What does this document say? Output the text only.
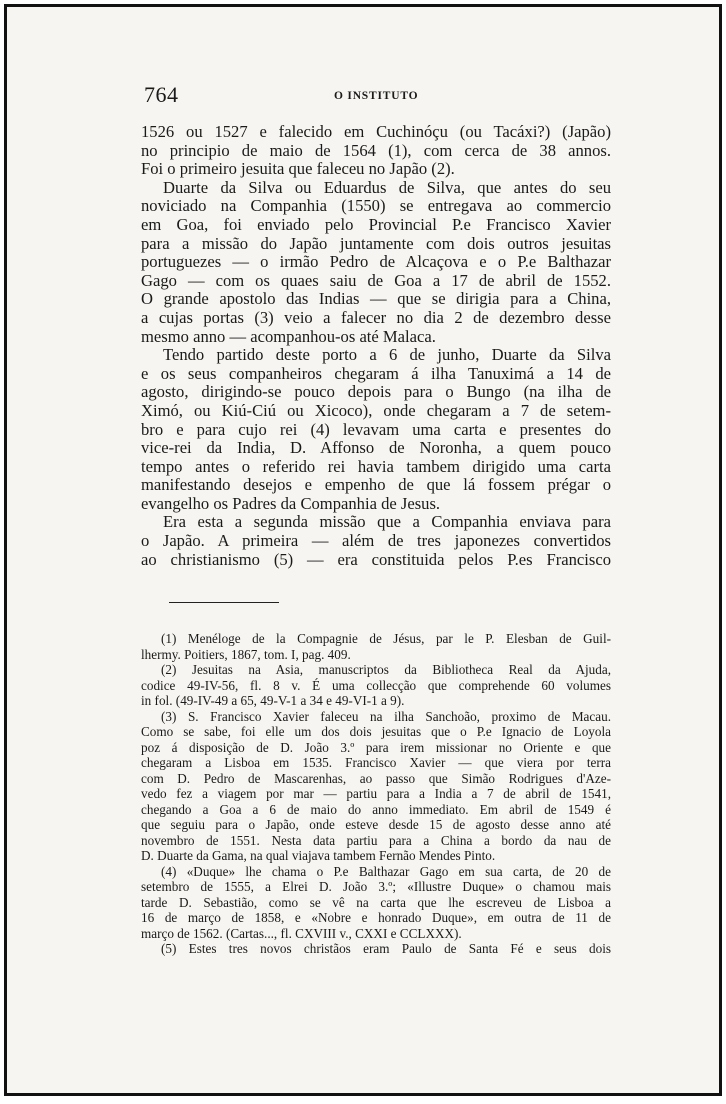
764	O INSTITUTO
1526 ou 1527 e falecido em Cuchinóçu (ou Tacáxi?) (Japão)
no principio de maio de 1564 (1), com cerca de 38 annos.
Foi o primeiro jesuita que faleceu no Japão (2).
Duarte da Silva ou Eduardus de Silva, que antes do seu
noviciado na Companhia (1550) se entregava ao commercio
em Goa, foi enviado pelo Provincial P.e Francisco Xavier
para a missão do Japão juntamente com dois outros jesuitas
portuguezes — o irmão Pedro de Alcaçova e o P.e Balthazar
Gago — com os quaes saiu de Goa a 17 de abril de 1552.
O grande apostolo das Indias — que se dirigia para a China,
a cujas portas (3) veio a falecer no dia 2 de dezembro desse
mesmo anno — acompanhou-os até Malaca.
Tendo partido deste porto a 6 de junho, Duarte da Silva
e os seus companheiros chegaram á ilha Tanuximá a 14 de
agosto, dirigindo-se pouco depois para o Bungo (na ilha de
Ximó, ou Kiú-Ciú ou Xicoco), onde chegaram a 7 de setem-
bro e para cujo rei (4) levavam uma carta e presentes do
vice-rei da India, D. Affonso de Noronha, a quem pouco
tempo antes o referido rei havia tambem dirigido uma carta
manifestando desejos e empenho de que lá fossem prégar o
evangelho os Padres da Companhia de Jesus.
Era esta a segunda missão que a Companhia enviava para
o Japão. A primeira — além de tres japonezes convertidos
ao christianismo (5) — era constituida pelos P.es Francisco
(1) Menéloge de la Compagnie de Jésus, par le P. Elesban de Guil-
lhermy. Poitiers, 1867, tom. I, pag. 409.
(2) Jesuitas na Asia, manuscriptos da Bibliotheca Real da Ajuda,
codice 49-IV-56, fl. 8 v. É uma collecção que comprehende 60 volumes
in fol. (49-IV-49 a 65, 49-V-1 a 34 e 49-VI-1 a 9).
(3) S. Francisco Xavier faleceu na ilha Sanchoão, proximo de Macau.
Como se sabe, foi elle um dos dois jesuitas que o P.e Ignacio de Loyola
poz á disposição de D. João 3.º para irem missionar no Oriente e que
chegaram a Lisboa em 1535. Francisco Xavier — que viera por terra
com D. Pedro de Mascarenhas, ao passo que Simão Rodrigues d'Aze-
vedo fez a viagem por mar — partiu para a India a 7 de abril de 1541,
chegando a Goa a 6 de maio do anno immediato. Em abril de 1549 é
que seguiu para o Japão, onde esteve desde 15 de agosto desse anno até
novembro de 1551. Nesta data partiu para a China a bordo da nau de
D. Duarte da Gama, na qual viajava tambem Fernão Mendes Pinto.
(4) «Duque» lhe chama o P.e Balthazar Gago em sua carta, de 20 de
setembro de 1555, a Elrei D. João 3.º; «Illustre Duque» o chamou mais
tarde D. Sebastião, como se vê na carta que lhe escreveu de Lisboa a
16 de março de 1858, e «Nobre e honrado Duque», em outra de 11 de
março de 1562. (Cartas..., fl. CXVIII v., CXXI e CCLXXX).
(5) Estes tres novos christãos eram Paulo de Santa Fé e seus dois
